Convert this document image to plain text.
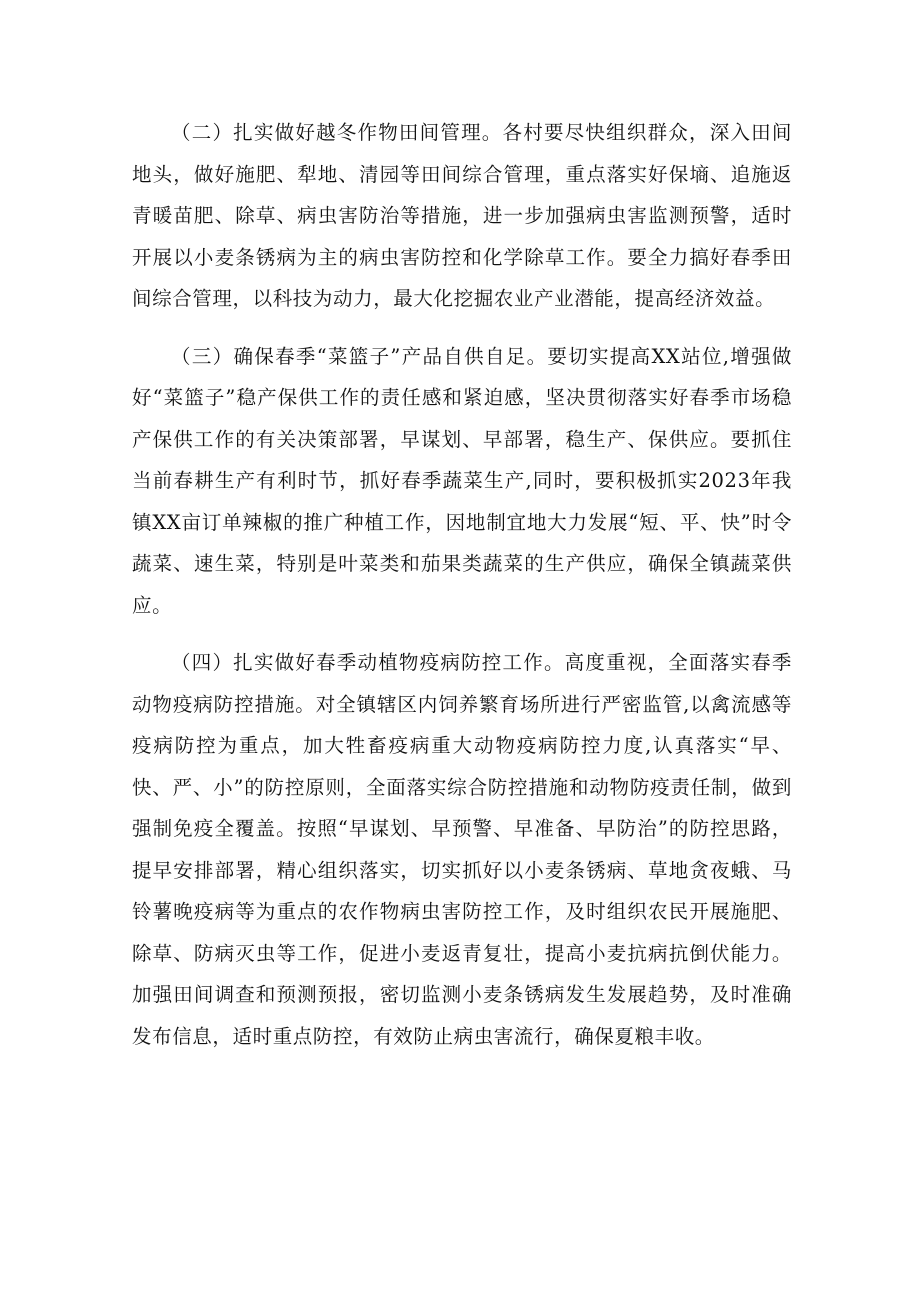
（二）扎实做好越冬作物田间管理。各村要尽快组织群众，深入田间地头，做好施肥、犁地、清园等田间综合管理，重点落实好保墒、追施返青暖苗肥、除草、病虫害防治等措施，进一步加强病虫害监测预警，适时开展以小麦条锈病为主的病虫害防控和化学除草工作。要全力搞好春季田间综合管理，以科技为动力，最大化挖掘农业产业潜能，提高经济效益。

（三）确保春季“菜篮子”产品自供自足。要切实提高XX站位,增强做好“菜篮子”稳产保供工作的责任感和紧迫感，坚决贯彻落实好春季市场稳产保供工作的有关决策部署，早谋划、早部署，稳生产、保供应。要抓住当前春耕生产有利时节，抓好春季蔬菜生产,同时，要积极抓实2023年我镇XX亩订单辣椒的推广种植工作，因地制宜地大力发展“短、平、快”时令蔬菜、速生菜，特别是叶菜类和茄果类蔬菜的生产供应，确保全镇蔬菜供应。

（四）扎实做好春季动植物疫病防控工作。高度重视，全面落实春季动物疫病防控措施。对全镇辖区内饲养繁育场所进行严密监管,以禽流感等疫病防控为重点，加大牲畜疫病重大动物疫病防控力度,认真落实“早、快、严、小”的防控原则，全面落实综合防控措施和动物防疫责任制，做到强制免疫全覆盖。按照“早谋划、早预警、早准备、早防治”的防控思路，提早安排部署，精心组织落实，切实抓好以小麦条锈病、草地贪夜蛾、马铃薯晚疫病等为重点的农作物病虫害防控工作，及时组织农民开展施肥、除草、防病灭虫等工作，促进小麦返青复壮，提高小麦抗病抗倒伏能力。加强田间调查和预测预报，密切监测小麦条锈病发生发展趋势，及时准确发布信息，适时重点防控，有效防止病虫害流行，确保夏粮丰收。
